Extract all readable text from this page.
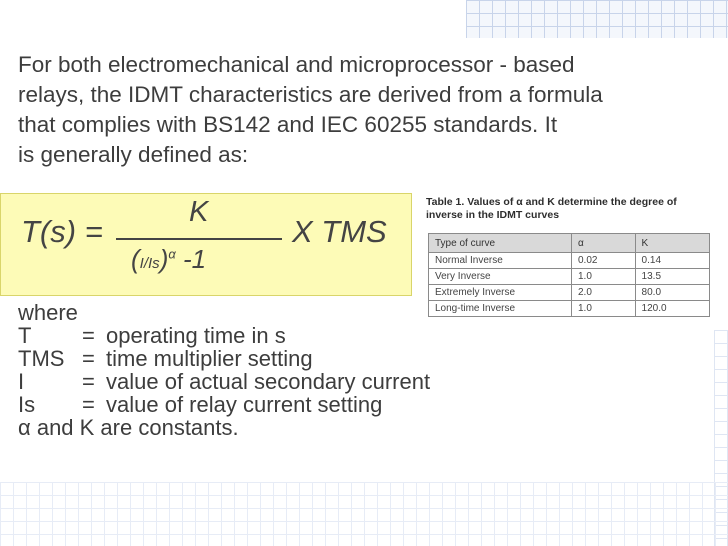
For both electromechanical and microprocessor - based
relays, the IDMT characteristics are derived from a formula
that complies with BS142 and IEC 60255 standards. It
is generally defined as:
T(s) =
K
$(I/Is)^\alpha$ -1
X TMS
Table 1. Values of α and K determine the degree of inverse in the IDMT curves
Type of curve	α	K
Normal Inverse	0.02	0.14
Very Inverse	1.0	13.5
Extremely Inverse	2.0	80.0
Long-time Inverse	1.0	120.0
where
T	= operating time in s
TMS = time multiplier setting
I	= value of actual secondary current
Is	= value of relay current setting
α and K are constants.
